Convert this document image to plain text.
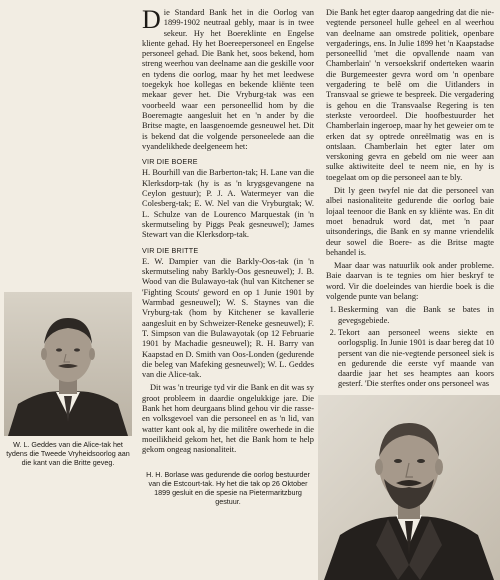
W. L. Geddes van die Alice-tak het tydens die Tweede Vryheidsoorlog aan die kant van die Britte geveg.

Die Standard Bank het in die Oorlog van 1899-1902 neutraal gebly, maar is in twee sekeur. Hy het Boereklinte en Engelse kliente gehad. Hy het Boereepersoneel en Engelse personeel gehad. Die Bank het, soos bekend, hom streng weerhou van deelname aan die geskille voor en tydens die oorlog, maar hy het met leedwese toegekyk hoe kollegas en bekende kliënte teen mekaar gevег het. Die Vryburg-tak was een voorbeeld waar een personeellid hom by die Boeremagte aangesluit het en 'n ander by die Britse magte, en laasgenoemde gesneuwel het. Dit is bekend dat die volgende personeelede aan die vyandelikhede deelgeneem het:

VIR DIE BOERE

H. Bourhill van die Barberton-tak; H. Lane van die Klerksdorp-tak (hy is as 'n krygsgevangene na Ceylon gestuur); P. J. A. Watermeyer van die Colesberg-tak; E. W. Nel van die Vryburgtak; W. L. Schulze van de Lourenco Marquestak (in 'n skermutseling by Piggs Peak gesneuwel); James Stewart van die Klerksdorp-tak.

VIR DIE BRITTE

E. W. Dampier van die Barkly-Oos-tak (in 'n skermutseling naby Barkly-Oos gesneuwel); J. B. Wood van die Bulawayo-tak (hul van Kitchener se 'Fighting Scouts' geword en op 1 Junie 1901 by Warmbad gesneuwel); W. S. Staynes van die Vryburg-tak (hom by Kitchener se kavallerie aangesluit en by Schweizer-Reneke gesneuwel); F. T. Simpson van die Bulawayotak (op 12 Februarie 1901 by Machadie gesneuwel); R. H. Barry van Kaapstad en D. Smith van Oos-Londen (gedurende die beleg van Mafeking gesneuwel); W. L. Geddes van die Alice-tak.

Dit was 'n treurige tyd vir die Bank en dit was sy groot probleem in daardie ongelukkige jare. Die Bank het hom deurgaans blind gehou vir die rasse- en volksgevoel van die personeel en as 'n lid, van watter kant ook al, hy die militêre owerhede in die moeilikheid gekom het, het die Bank hom te help gekom ongeag nasionaliteit.

H. H. Borlase was gedurende die oorlog bestuurder van die Estcourt-tak. Hy het die tak op 26 Oktober 1899 gesluit en die spesie na Pietermaritzburg gestuur.

Die Bank het egter daarop aangedring dat die nie-vegtende personeel hulle geheel en al weerhou van deelname aan omstrede politiek, openbare vergaderings, ens. In Julie 1899 het 'n Kaapstadse personeellid 'met die opvallende naam van Chamberlain' 'n versoekskrif onderteken waarin die Burgemeester gevra word om 'n openbare vergadering te belê om die Uitlanders in Transvaal se griewe te bespreek. Die vergadering is gehou en die Transvaalse Regering is ten sterkste veroordeel. Die hoofbestuurder het Chamberlain ingeroep, maar hy het geweier om te erken dat sy optrede onreëlmatig was en is ontslaan. Chamberlain het egter later om verskoning gevra en gebeld om nie weer aan sulke aktiwiteite deel te neem nie, en hy is toegelaat om op die personeel aan te bly.

Dit ly geen twyfel nie dat die personeel van albei nasionaliteite gedurende die oorlog baie lojaal teenoor die Bank en sy kliënte was. En dit moet benadruk word dat, met 'n paar uitsonderings, die Bank en sy manne vriendelik deur sowel die Boere- as die Britse magte behandel is.

Maar daar was natuurlik ook ander probleme. Baie daarvan is te tegnies om hier beskryf te word. Vir die doeleindes van hierdie boek is die volgende punte van belang:

1. Beskerming van die Bank se bates in gevegsgebiede.
2. Tekort aan personeel weens siekte en oorlogsplig. In Junie 1901 is daar bereg dat 10 persent van die nie-vegtende personeel siek is en gedurende die eerste vyf maande van daardie jaar het ses heamptes aan koors gesterf. 'Die sterftes onder ons personeel was
